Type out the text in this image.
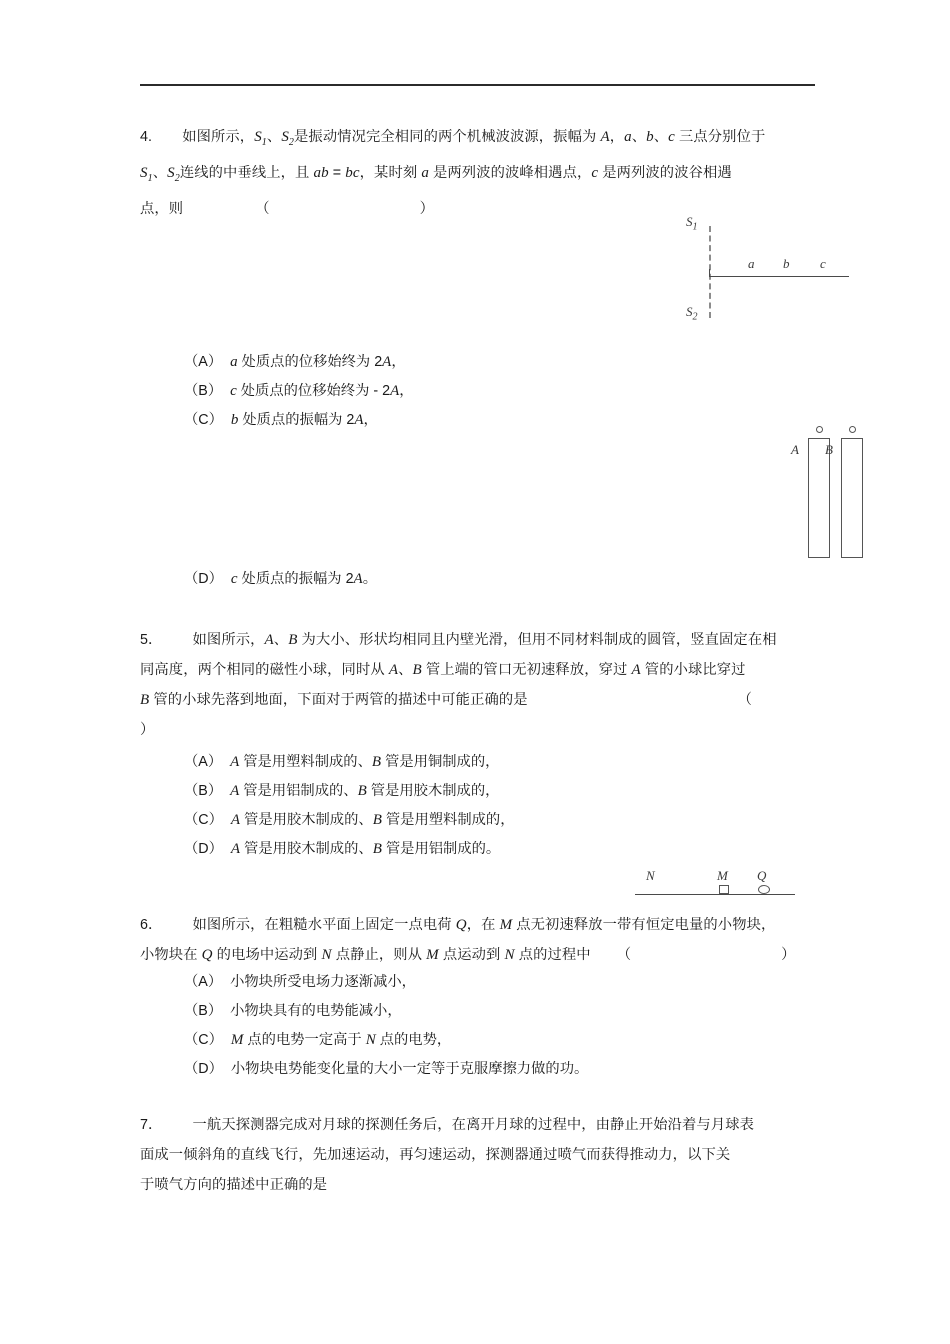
4. 如图所示，$S_1$、$S_2$是振动情况完全相同的两个机械波波源，振幅为 A，a、b、c 三点分别位于
$S_1$、$S_2$连线的中垂线上，且 ab = bc，某时刻 a 是两列波的波峰相遇点，c 是两列波的波谷相遇
点，则	（	）
$S_1$
$S_2$
a b c
（A）  a 处质点的位移始终为 2A，
（B）  c 处质点的位移始终为 - 2A，
（C）  b 处质点的振幅为 2A，
A B
（D）  c 处质点的振幅为 2A。
5． 如图所示，A、B 为大小、形状均相同且内壁光滑，但用不同材料制成的圆管，竖直固定在相
同高度，两个相同的磁性小球，同时从 A、B 管上端的管口无初速释放，穿过 A 管的小球比穿过
B 管的小球先落到地面，下面对于两管的描述中可能正确的是	（
）
（A）  A 管是用塑料制成的、B 管是用铜制成的，
（B）  A 管是用铝制成的、B 管是用胶木制成的，
（C）  A 管是用胶木制成的、B 管是用塑料制成的，
（D）  A 管是用胶木制成的、B 管是用铝制成的。
N	M Q
6． 如图所示，在粗糙水平面上固定一点电荷 Q，在 M 点无初速释放一带有恒定电量的小物块，
小物块在 Q 的电场中运动到 N 点静止，则从 M 点运动到 N 点的过程中 （	）
（A）  小物块所受电场力逐渐减小，
（B）  小物块具有的电势能减小，
（C）  M 点的电势一定高于 N 点的电势，
（D）  小物块电势能变化量的大小一定等于克服摩擦力做的功。
7． 一航天探测器完成对月球的探测任务后，在离开月球的过程中，由静止开始沿着与月球表
面成一倾斜角的直线飞行，先加速运动，再匀速运动，探测器通过喷气而获得推动力，以下关
于喷气方向的描述中正确的是
